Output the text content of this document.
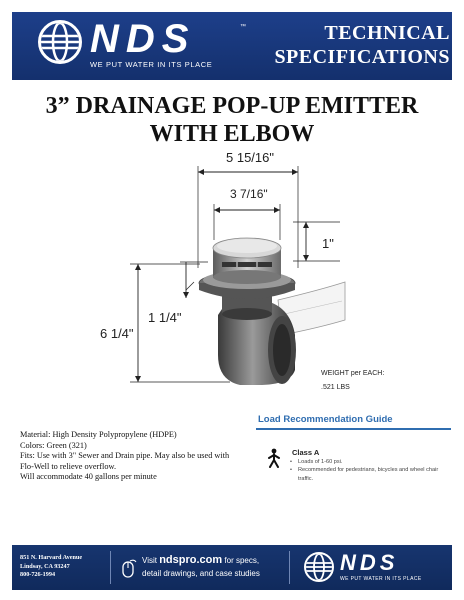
NDS	™
WE PUT WATER IN ITS PLACE
TECHNICAL
SPECIFICATIONS
3” DRAINAGE POP-UP EMITTER
WITH ELBOW
5 15/16"
3 7/16"
1"
1 1/4"
6 1/4"
WEIGHT per EACH:
.521 LBS

Material: High Density Polypropylene (HDPE)

Colors: Green (321)

Fits: Use with 3" Sewer and Drain pipe. May also be used with Flo-Well to relieve overflow.

Will accommodate 40 gallons per minute

Load Recommendation Guide
Class A
• Loads of 1-60 psi.
• Recommended for pedestrians, bicycles and wheel chair traffic.
851 N. Harvard Avenue
Lindsay, CA 93247
800-726-1994
Visit ndspro.com for specs,
detail drawings, and case studies	NDS
WE PUT WATER IN ITS PLACE
